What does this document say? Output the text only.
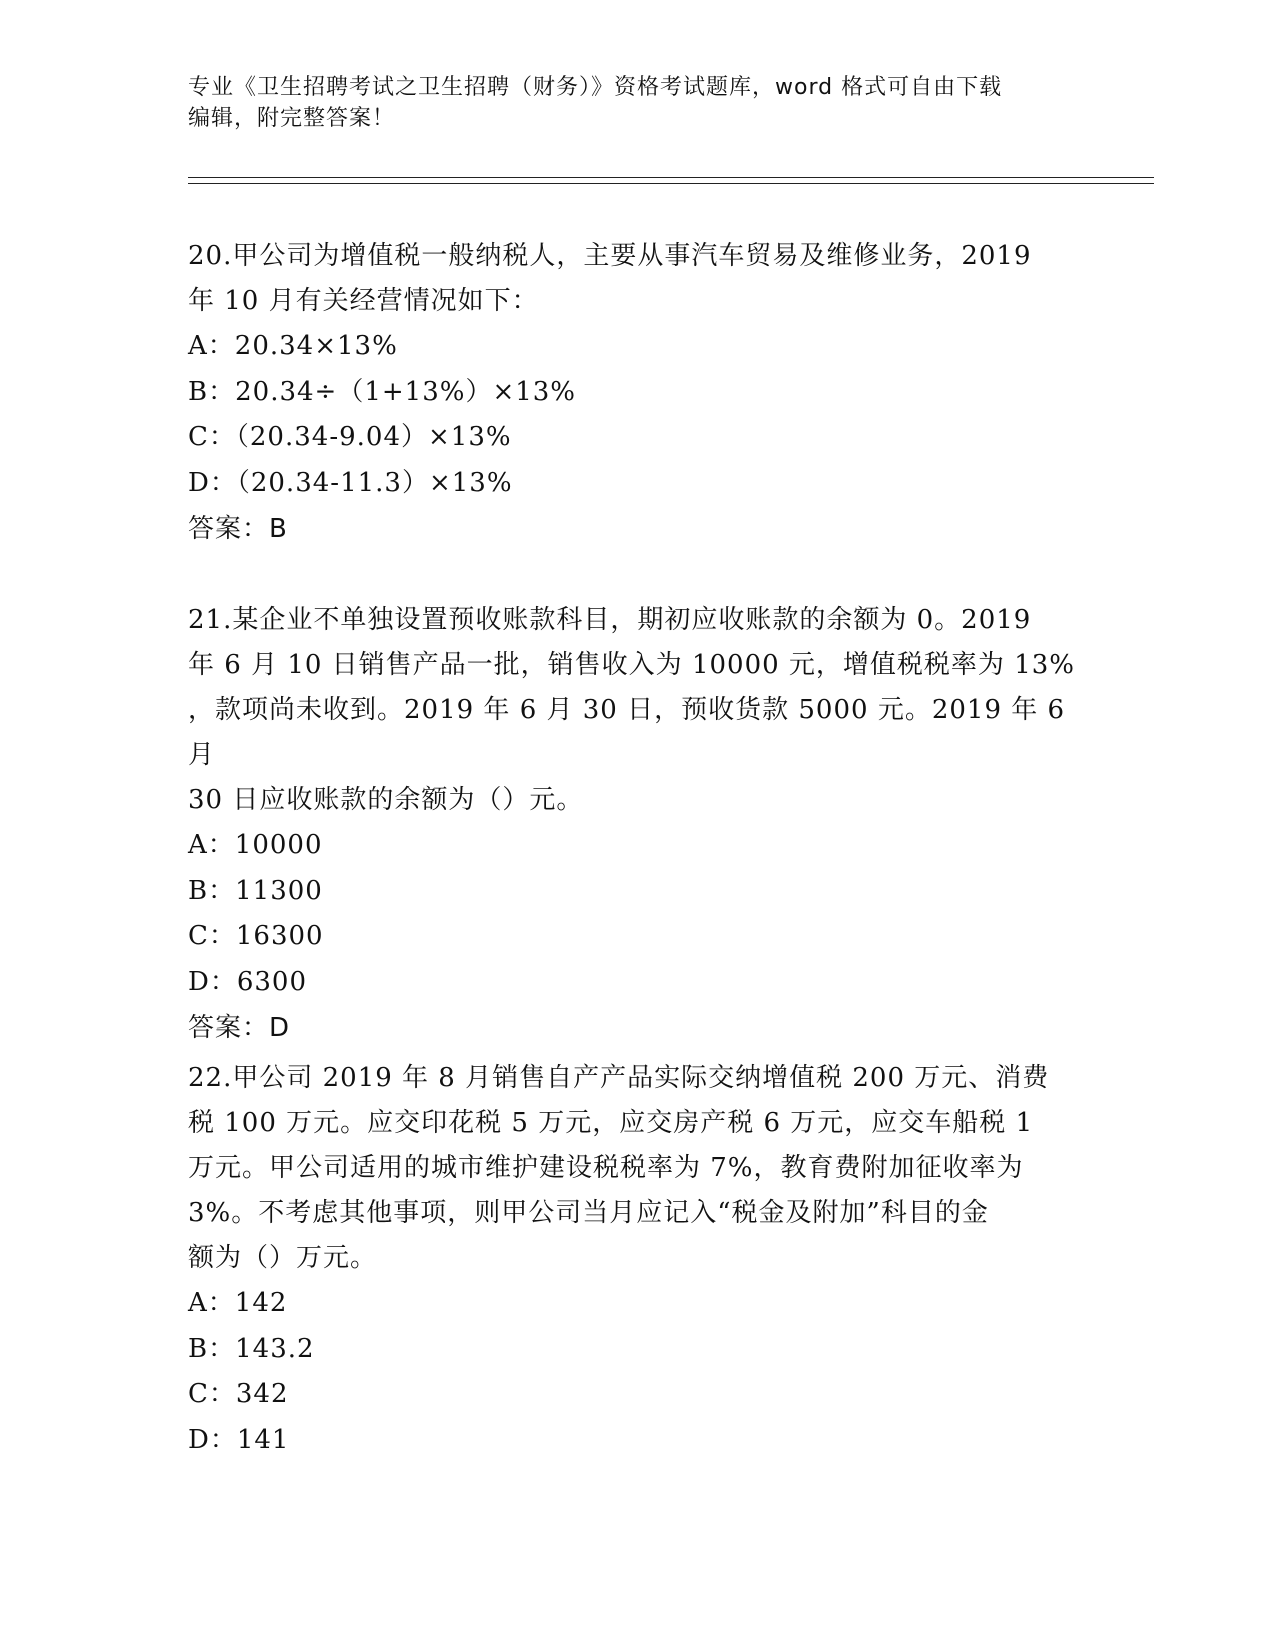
专业《卫生招聘考试之卫生招聘（财务）》资格考试题库，word 格式可自由下载
编辑，附完整答案！
20.甲公司为增值税一般纳税人，主要从事汽车贸易及维修业务，2019
年 10 月有关经营情况如下：
A：20.34×13%
B：20.34÷（1+13%）×13%
C：（20.34-9.04）×13%
D：（20.34-11.3）×13%
答案：B
21.某企业不单独设置预收账款科目，期初应收账款的余额为 0。2019
年 6 月 10 日销售产品一批，销售收入为 10000 元，增值税税率为 13%
，款项尚未收到。2019 年 6 月 30 日，预收货款 5000 元。2019 年 6 月
30 日应收账款的余额为（）元。
A：10000
B：11300
C：16300
D：6300
答案：D
22.甲公司 2019 年 8 月销售自产产品实际交纳增值税 200 万元、消费
税 100 万元。应交印花税 5 万元，应交房产税 6 万元，应交车船税 1
万元。甲公司适用的城市维护建设税税率为 7%，教育费附加征收率为
3%。不考虑其他事项，则甲公司当月应记入“税金及附加”科目的金
额为（）万元。
A：142
B：143.2
C：342
D：141
